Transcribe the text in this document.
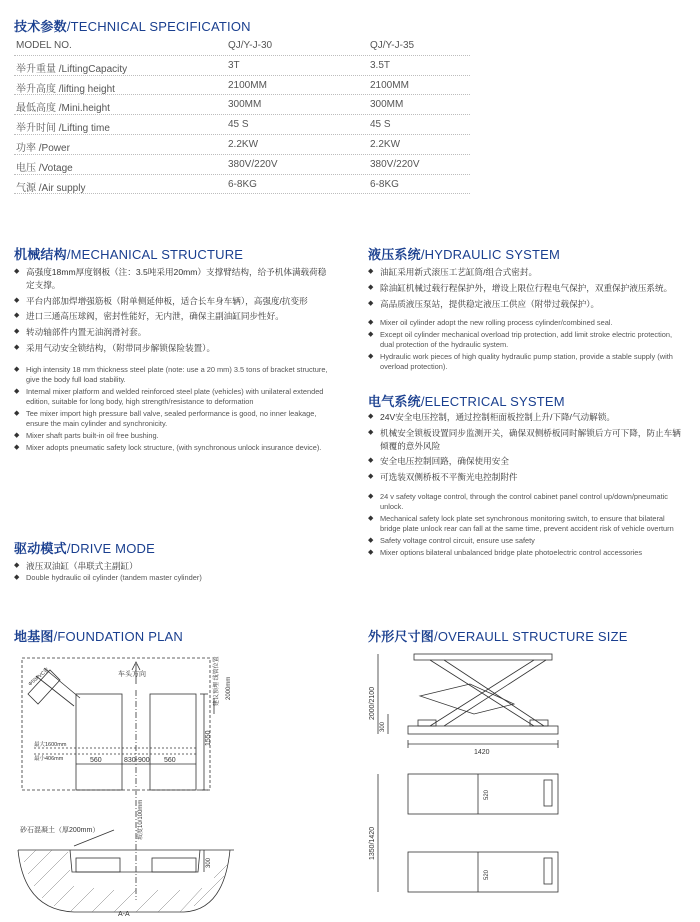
技术参数/TECHNICAL SPECIFICATION
MODEL NO.	QJ/Y-J-30	QJ/Y-J-35
举升重量 /LiftingCapacity	3T	3.5T
举升高度 /lifting height	2100MM	2100MM
最低高度 /Mini.height	300MM	300MM
举升时间 /Lifting time	45 S	45 S
功率 /Power	2.2KW	2.2KW
电压 /Votage	380V/220V	380V/220V
气源 /Air supply	6-8KG	6-8KG
机械结构/MECHANICAL STRUCTURE
◆ 高强度18mm厚度钢板（注：3.5吨采用20mm）支撑臂结构，给予机体满载荷稳定支撑。
◆ 平台内部加焊增强筋板（附单侧延伸板，适合长车身车辆），高强度/抗变形
◆ 进口三通高压球阀，密封性能好，无内泄，确保主副油缸同步性好。
◆ 转动轴部件内置无油润滑衬套。
◆ 采用气动安全锁结构，（附带同步解锁保险装置）。
◆ High intensity 18 mm thickness steel plate (note: use a 20 mm) 3.5 tons of bracket structure, give the body full load stability.
◆ Internal mixer platform and welded reinforced steel plate (vehicles) with unilateral extended edition, suitable for long body, high strength/resistance to deformation
◆ Tee mixer import high pressure ball valve, sealed performance is good, no inner leakage, ensure the main cylinder and synchronicity.
◆ Mixer shaft parts built-in oil free bushing.
◆ Mixer adopts pneumatic safety lock structure, (with synchronous unlock insurance device).
驱动模式/DRIVE MODE
◆ 液压双油缸（串联式主副缸）
◆ Double hydraulic oil cylinder (tandem master cylinder)
液压系统/HYDRAULIC SYSTEM
◆ 油缸采用新式滚压工艺缸筒/组合式密封。
◆ 除油缸机械过载行程保护外，增设上限位行程电气保护，双重保护液压系统。
◆ 高品质液压泵站，提供稳定液压工供应（附带过载保护）。
◆ Mixer oil cylinder adopt the new rolling process cylinder/combined seal.
◆ Except oil cylinder mechanical overload trip protection, add limit stroke electric protection, dual protection of the hydraulic system.
◆ Hydraulic work pieces of high quality hydraulic pump station, provide a stable supply (with overload protection).
电气系统/ELECTRICAL SYSTEM
◆ 24V安全电压控制，通过控制柜面板控制上升/下降/气动解锁。
◆ 机械安全锁板设置同步监测开关，确保双侧桥板同时解锁后方可下降，防止车辆倾覆的意外风险
◆ 安全电压控制回路，确保使用安全
◆ 可选装双侧桥板不平衡光电控制附件
◆ 24 v safety voltage control, through the control cabinet panel control up/down/pneumatic unlock.
◆ Mechanical safety lock plate set synchronous monitoring switch, to ensure that bilateral bridge plate unlock rear can fall at the same time, prevent accident risk of vehicle overturn
◆ Safety voltage control circuit, ensure use safety
◆ Mixer options bilateral unbalanced bridge plate photoelectric control accessories
地基图/FOUNDATION PLAN
车头方向
560	830-900 560
1550
2000mm
建议预埋 线管位置
Φ50PVC管
最大1600mm
最小406mm
坡度10/100mm
砂石混凝土（厚200mm）
300
A-A
外形尺寸图/OVERAULL STRUCTURE SIZE
2000/2100
300
1420
520
1350/1420
520
